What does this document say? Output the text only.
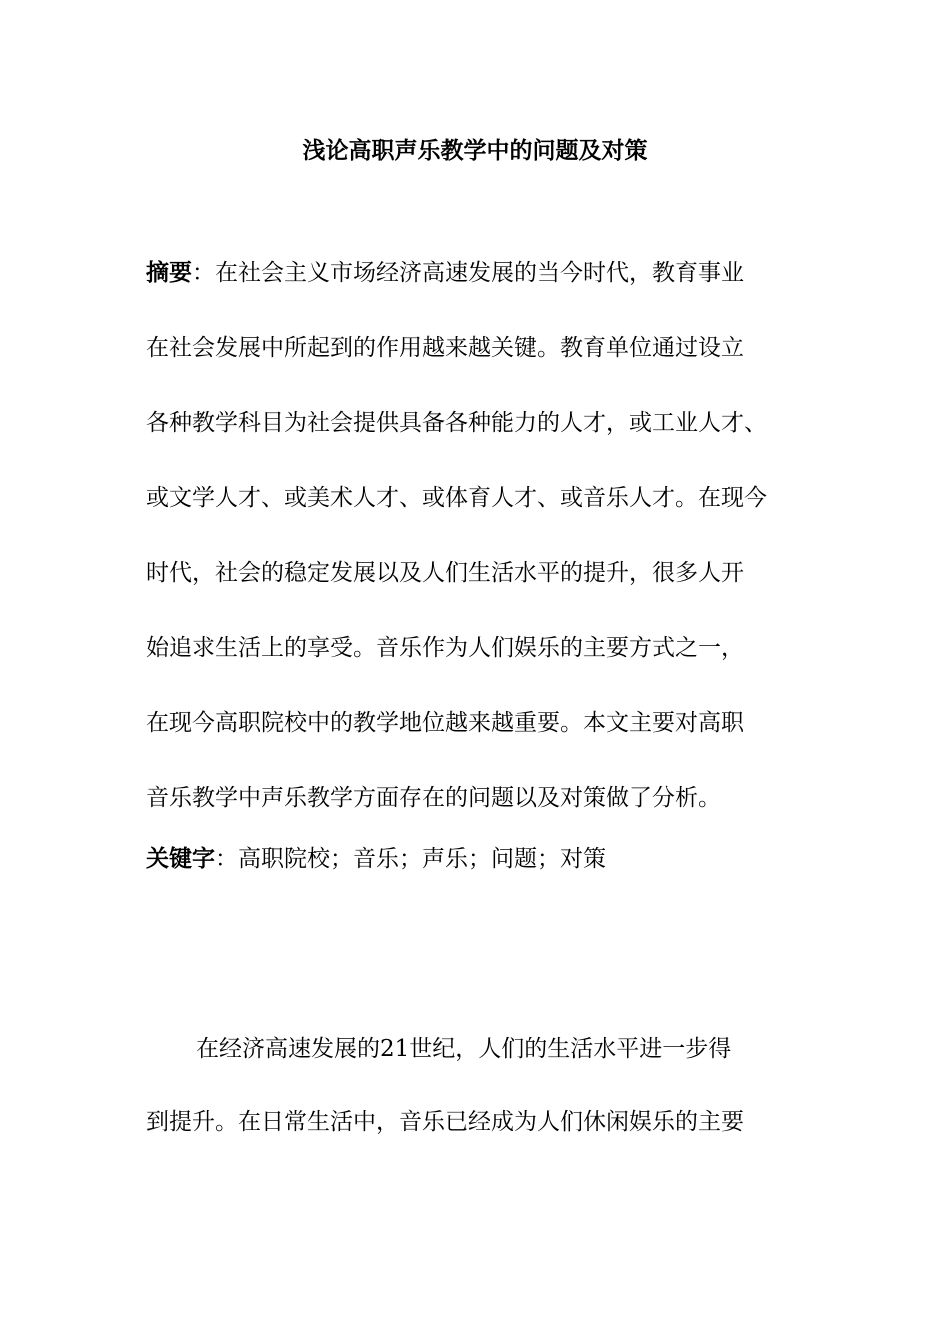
浅论高职声乐教学中的问题及对策
摘要：在社会主义市场经济高速发展的当今时代，教育事业
在社会发展中所起到的作用越来越关键。教育单位通过设立
各种教学科目为社会提供具备各种能力的人才，或工业人才、
或文学人才、或美术人才、或体育人才、或音乐人才。在现今
时代，社会的稳定发展以及人们生活水平的提升，很多人开
始追求生活上的享受。音乐作为人们娱乐的主要方式之一，
在现今高职院校中的教学地位越来越重要。本文主要对高职
音乐教学中声乐教学方面存在的问题以及对策做了分析。
关键字：高职院校；音乐；声乐；问题；对策
在经济高速发展的21世纪，人们的生活水平进一步得
到提升。在日常生活中，音乐已经成为人们休闲娱乐的主要
